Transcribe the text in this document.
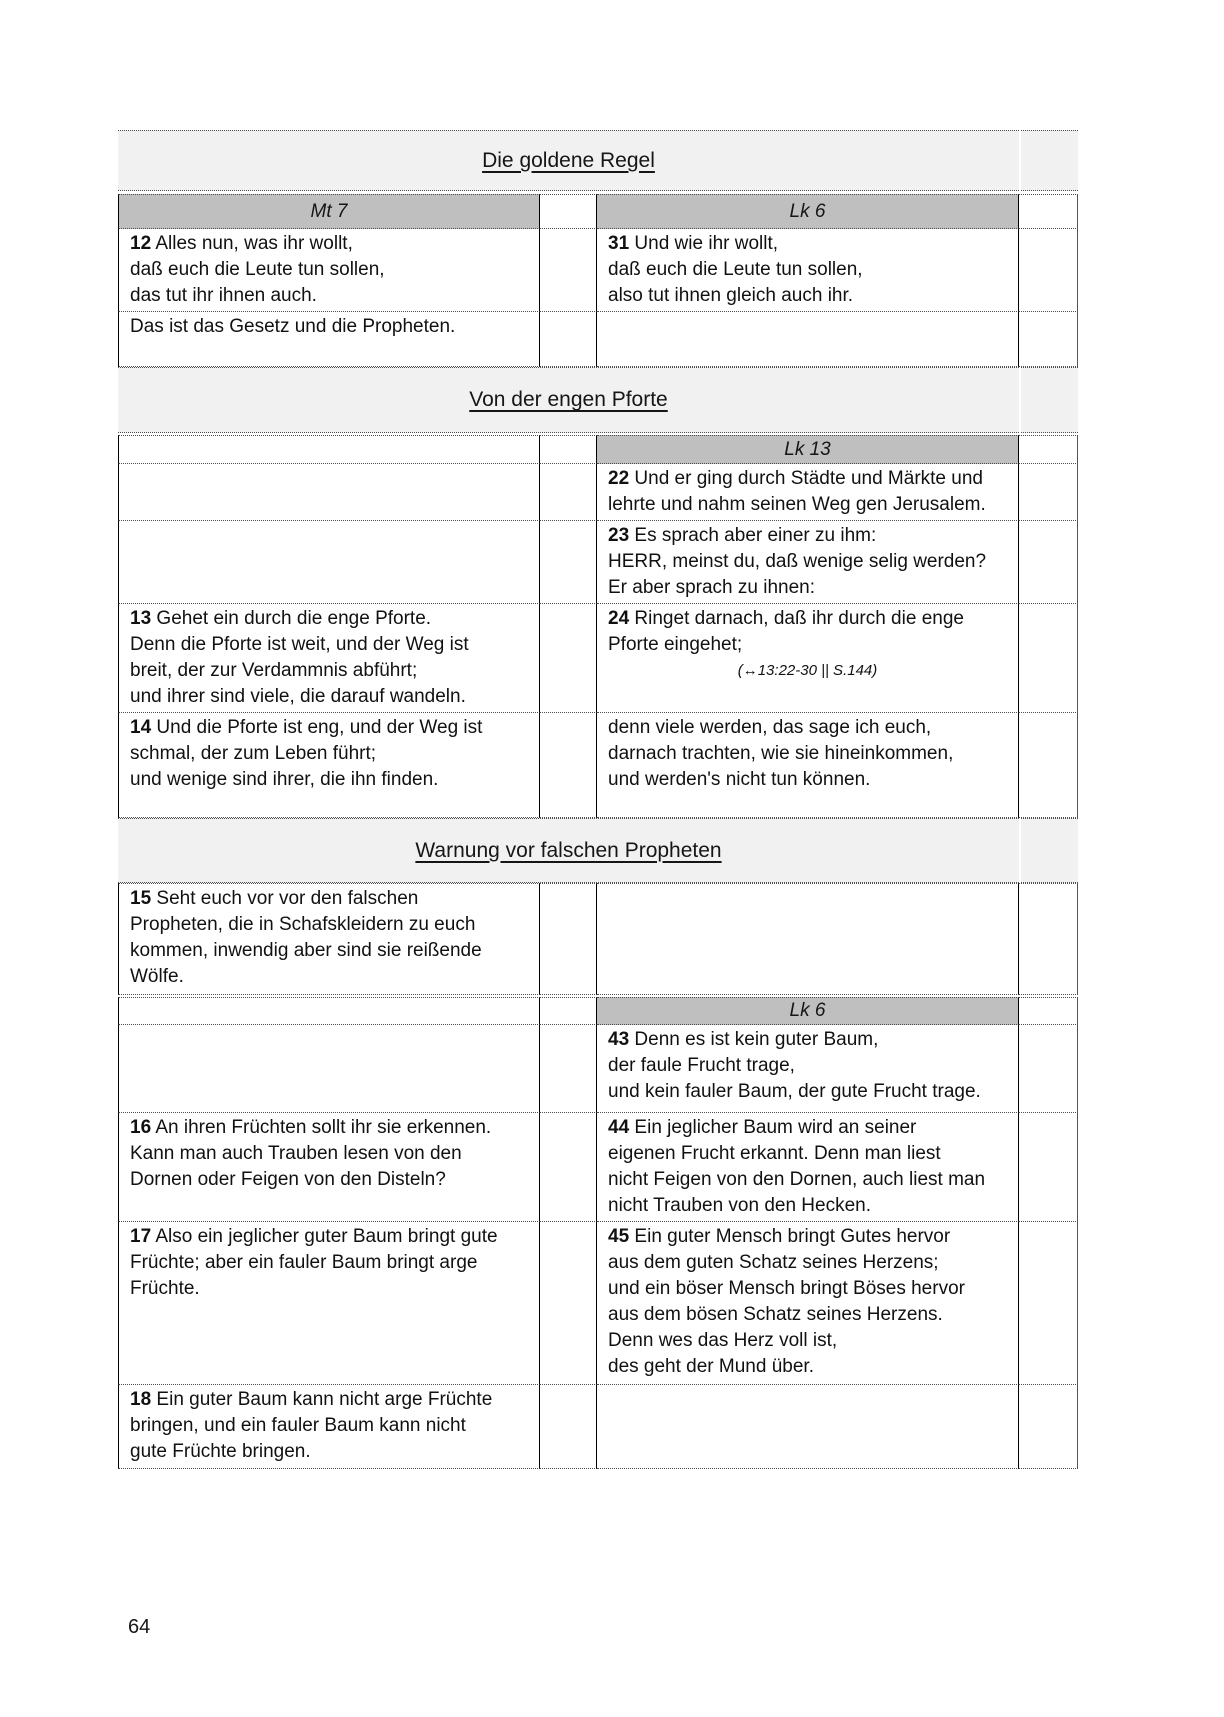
Die goldene Regel
Mt 7	Lk 6
12 Alles nun, was ihr wollt,
daß euch die Leute tun sollen,
das tut ihr ihnen auch.
31 Und wie ihr wollt,
daß euch die Leute tun sollen,
also tut ihnen gleich auch ihr.
Das ist das Gesetz und die Propheten.
Von der engen Pforte
Lk 13
22 Und er ging durch Städte und Märkte und
lehrte und nahm seinen Weg gen Jerusalem.
23 Es sprach aber einer zu ihm:
HERR, meinst du, daß wenige selig werden?
Er aber sprach zu ihnen:
13 Gehet ein durch die enge Pforte.
Denn die Pforte ist weit, und der Weg ist
breit, der zur Verdammnis abführt;
und ihrer sind viele, die darauf wandeln.
24 Ringet darnach, daß ihr durch die enge
Pforte eingehet;
(↔13:22-30 || S.144)
14 Und die Pforte ist eng, und der Weg ist
schmal, der zum Leben führt;
und wenige sind ihrer, die ihn finden.
denn viele werden, das sage ich euch,
darnach trachten, wie sie hineinkommen,
und werden's nicht tun können.
Warnung vor falschen Propheten
15 Seht euch vor vor den falschen
Propheten, die in Schafskleidern zu euch
kommen, inwendig aber sind sie reißende
Wölfe.
Lk 6
43 Denn es ist kein guter Baum,
der faule Frucht trage,
und kein fauler Baum, der gute Frucht trage.
16 An ihren Früchten sollt ihr sie erkennen.
Kann man auch Trauben lesen von den
Dornen oder Feigen von den Disteln?
44 Ein jeglicher Baum wird an seiner
eigenen Frucht erkannt. Denn man liest
nicht Feigen von den Dornen, auch liest man
nicht Trauben von den Hecken.
17 Also ein jeglicher guter Baum bringt gute
Früchte; aber ein fauler Baum bringt arge
Früchte.
45 Ein guter Mensch bringt Gutes hervor
aus dem guten Schatz seines Herzens;
und ein böser Mensch bringt Böses hervor
aus dem bösen Schatz seines Herzens.
Denn wes das Herz voll ist,
des geht der Mund über.
18 Ein guter Baum kann nicht arge Früchte
bringen, und ein fauler Baum kann nicht
gute Früchte bringen.
64
